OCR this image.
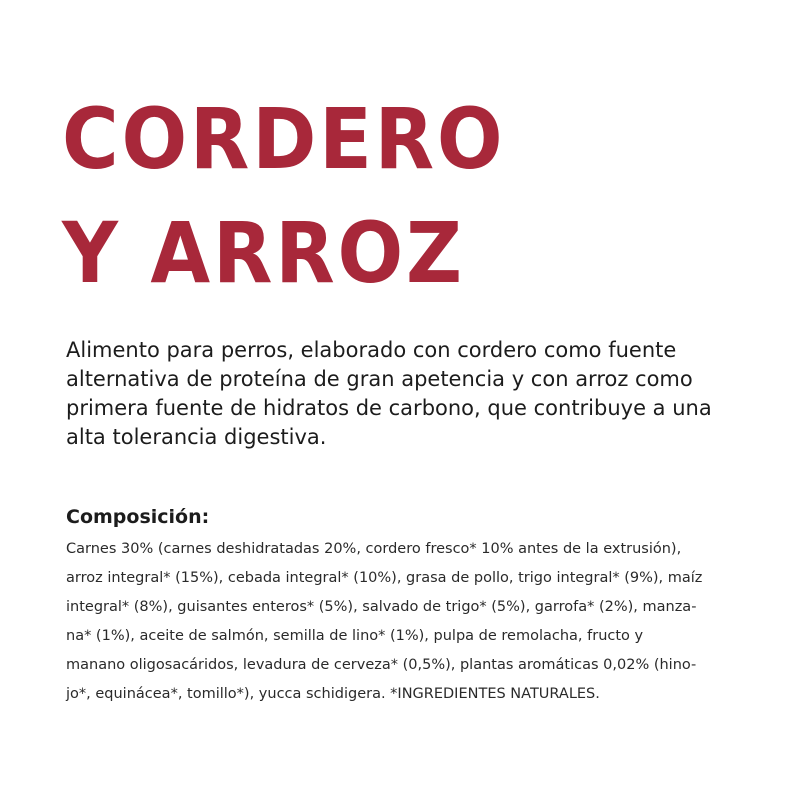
CORDERO
Y ARROZ

Alimento para perros, elaborado con cordero como fuente
alternativa de proteína de gran apetencia y con arroz como
primera fuente de hidratos de carbono, que contribuye a una
alta tolerancia digestiva.

Composición:

Carnes 30% (carnes deshidratadas 20%, cordero fresco* 10% antes de la extrusión),
arroz integral* (15%), cebada integral* (10%), grasa de pollo, trigo integral* (9%), maíz
integral* (8%), guisantes enteros* (5%), salvado de trigo* (5%), garrofa* (2%), manza-
na* (1%), aceite de salmón, semilla de lino* (1%), pulpa de remolacha, fructo y
manano oligosacáridos, levadura de cerveza* (0,5%), plantas aromáticas 0,02% (hino-
jo*, equinácea*, tomillo*), yucca schidigera. *INGREDIENTES NATURALES.
